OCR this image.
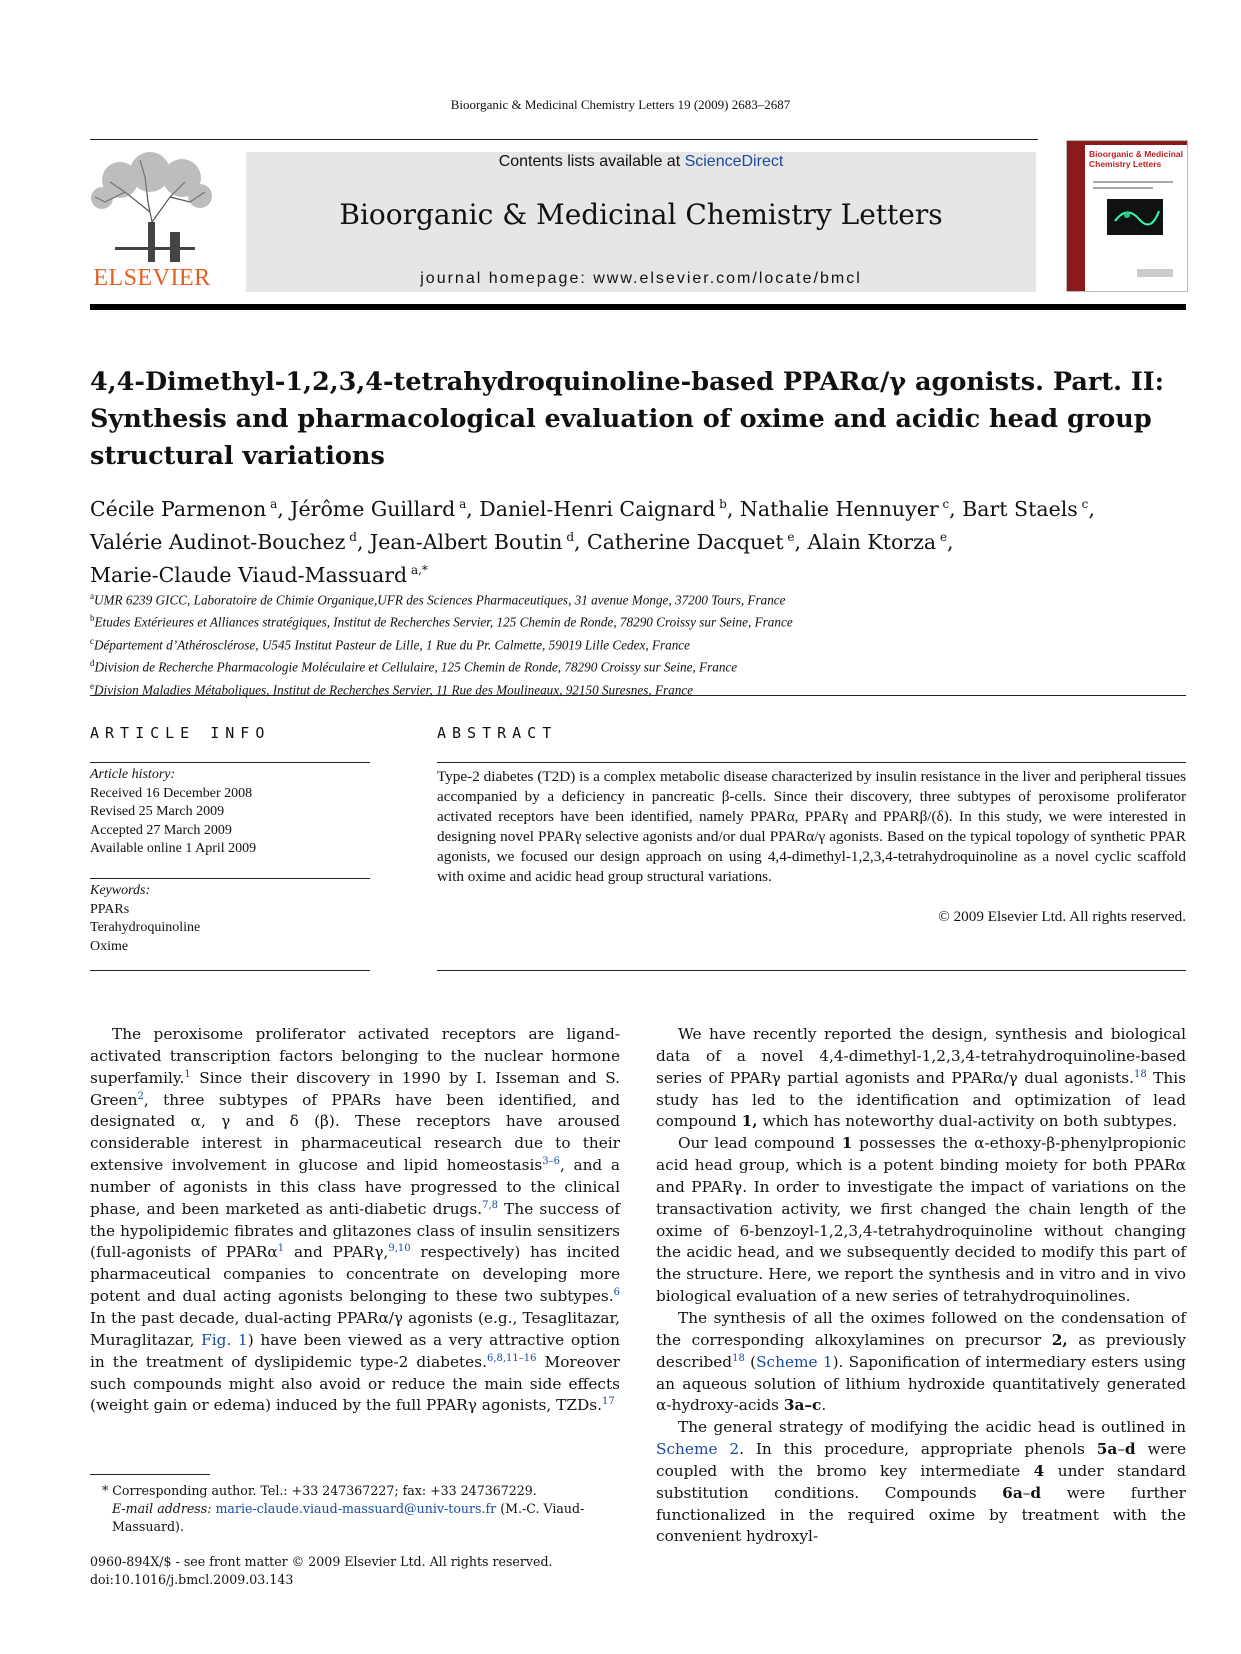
Bioorganic & Medicinal Chemistry Letters 19 (2009) 2683–2687
ELSEVIER
Contents lists available at ScienceDirect
Bioorganic & Medicinal Chemistry Letters
journal homepage: www.elsevier.com/locate/bmcl
Bioorganic & Medicinal Chemistry Letters
4,4-Dimethyl-1,2,3,4-tetrahydroquinoline-based PPARα/γ agonists. Part. II: Synthesis and pharmacological evaluation of oxime and acidic head group structural variations
Cécile Parmenon $^a$, Jérôme Guillard $^a$, Daniel-Henri Caignard $^b$, Nathalie Hennuyer $^c$, Bart Staels $^c$,
Valérie Audinot-Bouchez $^d$, Jean-Albert Boutin $^d$, Catherine Dacquet $^e$, Alain Ktorza $^e$,
Marie-Claude Viaud-Massuard $^{a,*}$
$^a$UMR 6239 GICC, Laboratoire de Chimie Organique,UFR des Sciences Pharmaceutiques, 31 avenue Monge, 37200 Tours, France
$^b$Etudes Extérieures et Alliances stratégiques, Institut de Recherches Servier, 125 Chemin de Ronde, 78290 Croissy sur Seine, France
$^c$Département d’Athérosclérose, U545 Institut Pasteur de Lille, 1 Rue du Pr. Calmette, 59019 Lille Cedex, France
$^d$Division de Recherche Pharmacologie Moléculaire et Cellulaire, 125 Chemin de Ronde, 78290 Croissy sur Seine, France
$^e$Division Maladies Métaboliques, Institut de Recherches Servier, 11 Rue des Moulineaux, 92150 Suresnes, France
ARTICLE INFO	ABSTRACT
Article history:
Received 16 December 2008
Revised 25 March 2009
Accepted 27 March 2009
Available online 1 April 2009
Keywords:
PPARs
Terahydroquinoline
Oxime
Type-2 diabetes (T2D) is a complex metabolic disease characterized by insulin resistance in the liver and peripheral tissues accompanied by a deficiency in pancreatic β-cells. Since their discovery, three subtypes of peroxisome proliferator activated receptors have been identified, namely PPARα, PPARγ and PPARβ/(δ). In this study, we were interested in designing novel PPARγ selective agonists and/or dual PPARα/γ agonists. Based on the typical topology of synthetic PPAR agonists, we focused our design approach on using 4,4-dimethyl-1,2,3,4-tetrahydroquinoline as a novel cyclic scaffold with oxime and acidic head group structural variations.
© 2009 Elsevier Ltd. All rights reserved.

The peroxisome proliferator activated receptors are ligand-activated transcription factors belonging to the nuclear hormone superfamily.$^1$ Since their discovery in 1990 by I. Isseman and S. Green$^2$, three subtypes of PPARs have been identified, and designated α, γ and δ (β). These receptors have aroused considerable interest in pharmaceutical research due to their extensive involvement in glucose and lipid homeostasis$^{3-6}$, and a number of agonists in this class have progressed to the clinical phase, and been marketed as anti-diabetic drugs.$^{7,8}$ The success of the hypolipidemic fibrates and glitazones class of insulin sensitizers (full-agonists of PPARα$^1$ and PPARγ,$^{9,10}$ respectively) has incited pharmaceutical companies to concentrate on developing more potent and dual acting agonists belonging to these two subtypes.$^6$ In the past decade, dual-acting PPARα/γ agonists (e.g., Tesaglitazar, Muraglitazar, Fig. 1) have been viewed as a very attractive option in the treatment of dyslipidemic type-2 diabetes.$^{6,8,11-16}$ Moreover such compounds might also avoid or reduce the main side effects (weight gain or edema) induced by the full PPARγ agonists, TZDs.$^{17}$

We have recently reported the design, synthesis and biological data of a novel 4,4-dimethyl-1,2,3,4-tetrahydroquinoline-based series of PPARγ partial agonists and PPARα/γ dual agonists.$^{18}$ This study has led to the identification and optimization of lead compound 1, which has noteworthy dual-activity on both subtypes.

Our lead compound 1 possesses the α-ethoxy-β-phenylpropionic acid head group, which is a potent binding moiety for both PPARα and PPARγ. In order to investigate the impact of variations on the transactivation activity, we first changed the chain length of the oxime of 6-benzoyl-1,2,3,4-tetrahydroquinoline without changing the acidic head, and we subsequently decided to modify this part of the structure. Here, we report the synthesis and in vitro and in vivo biological evaluation of a new series of tetrahydroquinolines.

The synthesis of all the oximes followed on the condensation of the corresponding alkoxylamines on precursor 2, as previously described$^{18}$ (Scheme 1). Saponification of intermediary esters using an aqueous solution of lithium hydroxide quantitatively generated α-hydroxy-acids 3a–c.

The general strategy of modifying the acidic head is outlined in Scheme 2. In this procedure, appropriate phenols 5a–d were coupled with the bromo key intermediate 4 under standard substitution conditions. Compounds 6a–d were further functionalized in the required oxime by treatment with the convenient hydroxyl-

* Corresponding author. Tel.: +33 247367227; fax: +33 247367229.
E-mail address: marie-claude.viaud-massuard@univ-tours.fr (M.-C. Viaud-Massuard).
0960-894X/$ - see front matter © 2009 Elsevier Ltd. All rights reserved.
doi:10.1016/j.bmcl.2009.03.143
